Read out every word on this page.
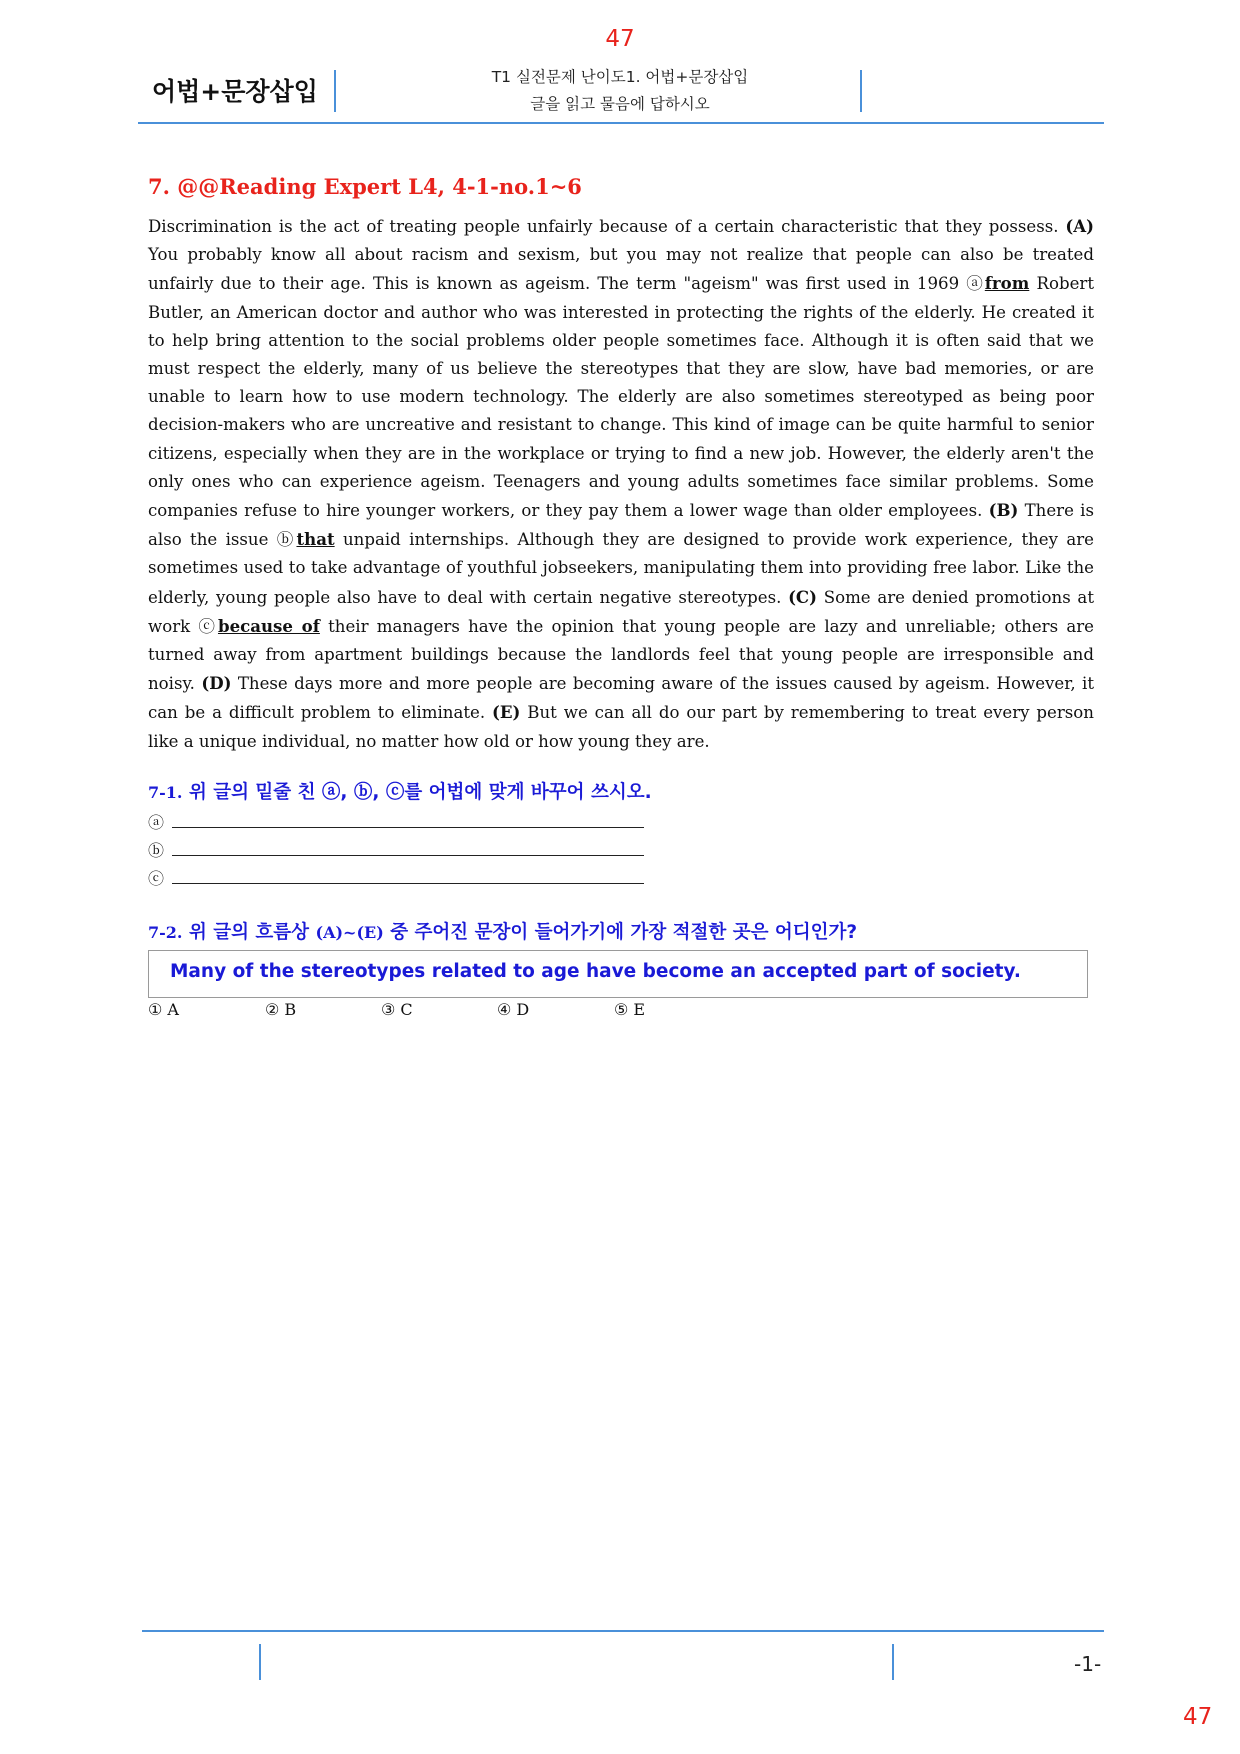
47
어법+문장삽입	T1 실전문제 난이도1. 어법+문장삽입
글을 읽고 물음에 답하시오
7. @@Reading Expert L4, 4-1-no.1~6
Discrimination is the act of treating people unfairly because of a certain characteristic that they possess. (A) You probably know all about racism and sexism, but you may not realize that people can also be treated unfairly due to their age. This is known as ageism. The term "ageism" was first used in 1969 ⓐfrom Robert Butler, an American doctor and author who was interested in protecting the rights of the elderly. He created it to help bring attention to the social problems older people sometimes face. Although it is often said that we must respect the elderly, many of us believe the stereotypes that they are slow, have bad memories, or are unable to learn how to use modern technology. The elderly are also sometimes stereotyped as being poor decision-makers who are uncreative and resistant to change. This kind of image can be quite harmful to senior citizens, especially when they are in the workplace or trying to find a new job. However, the elderly aren't the only ones who can experience ageism. Teenagers and young adults sometimes face similar problems. Some companies refuse to hire younger workers, or they pay them a lower wage than older employees. (B) There is also the issue ⓑthat unpaid internships. Although they are designed to provide work experience, they are sometimes used to take advantage of youthful jobseekers, manipulating them into providing free labor. Like the elderly, young people also have to deal with certain negative stereotypes. (C) Some are denied promotions at work ⓒbecause of their managers have the opinion that young people are lazy and unreliable; others are turned away from apartment buildings because the landlords feel that young people are irresponsible and noisy. (D) These days more and more people are becoming aware of the issues caused by ageism. However, it can be a difficult problem to eliminate. (E) But we can all do our part by remembering to treat every person like a unique individual, no matter how old or how young they are.
7-1. 위 글의 밑줄 친 ⓐ, ⓑ, ⓒ를 어법에 맞게 바꾸어 쓰시오.
ⓐ
ⓑ
ⓒ
7-2. 위 글의 흐름상 (A)~(E) 중 주어진 문장이 들어가기에 가장 적절한 곳은 어디인가?
Many of the stereotypes related to age have become an accepted part of society.
① A	② B	③ C	④ D	⑤ E
-1-
47
